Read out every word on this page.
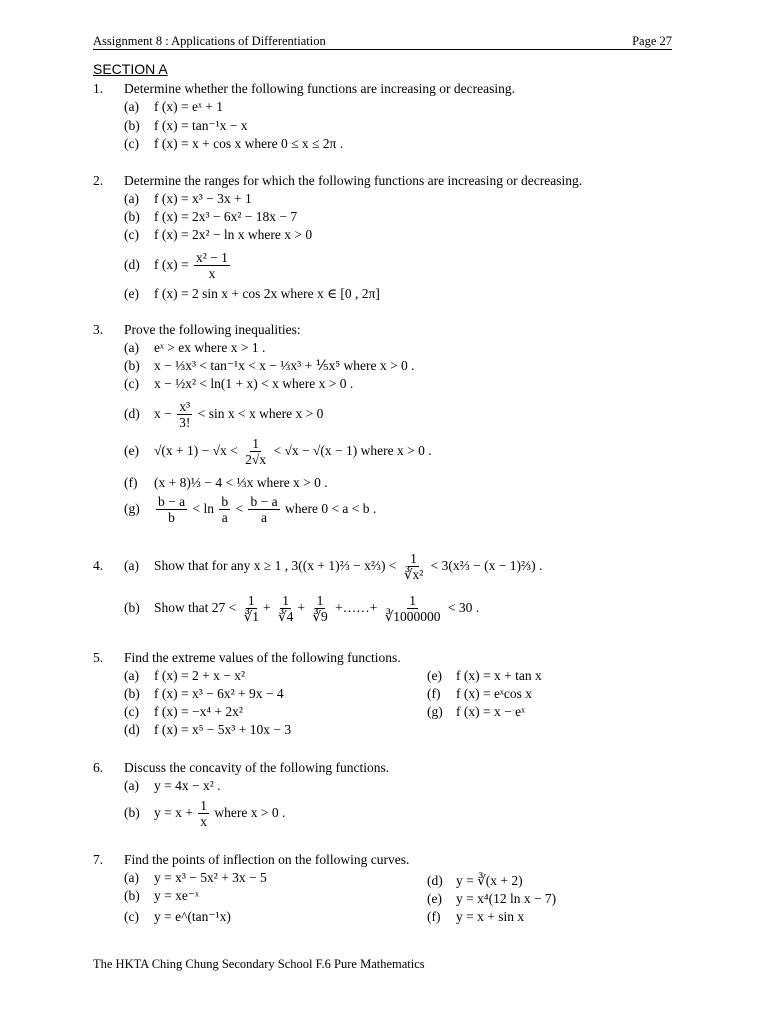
Assignment 8 : Applications of Differentiation	Page 27
SECTION A
1. Determine whether the following functions are increasing or decreasing.
(a) f (x) = eˣ + 1
(b) f (x) = tan⁻¹x − x
(c) f (x) = x + cos x where 0 ≤ x ≤ 2π .
2. Determine the ranges for which the following functions are increasing or decreasing.
(a) f (x) = x³ − 3x + 1
(b) f (x) = 2x³ − 6x² − 18x − 7
(c) f (x) = 2x² − ln x where x > 0
(d) f $(x) = \frac{\text{x² − 1}}{x}$
(e) f (x) = 2 sin x + cos 2x where x ∈ [0 , 2π]
3. Prove the following inequalities:
(a) eˣ > ex where x > 1 .
(b) x − ⅓x³ < tan⁻¹x < x − ⅓x³ + ⅕x⁵ where x > 0 .
(c) x − ½x² < ln(1 + x) < x where x > 0 .
(d) $x - \frac{\text{x³}}{3!} < \sin x < x$ where x > 0
(e) $√(x + 1) - √x < \frac{1}{2√x} < √x - √(x - 1)$ where x > 0 .
(f) (x + 8)⅓ − 4 < ⅓x where x > 0 .
$(g) \frac{b - a}{b} < \ln \frac{b}{a} < \frac{b - a}{a}$ where 0 < a < b .
4. (a) Show that for any x ≥ 1 , 3((x + 1)⅔ − x⅔) < $\frac{1}{\text{∛x²}}$ < 3(x⅔ − (x − 1)⅔) .
(b) Show that $27 < \frac{1}{∛1} + \frac{1}{∛4} + \frac{1}{∛9}$ +……+ $\frac{1}{∛1000000} < 30$ .
5. Find the extreme values of the following functions.
(a) f (x) = 2 + x − x²
(b) f (x) = x³ − 6x² + 9x − 4
(c) f (x) = −x⁴ + 2x²
(d) f (x) = x⁵ − 5x³ + 10x − 3
(e) f (x) = x + tan x
(f) f (x) = eˣcos x
(g) f (x) = x − eˣ
6. Discuss the concavity of the following functions.
(a) y = 4x − x² .
(b) $y = x + \frac{1}{x}$ where x > 0 .
7. Find the points of inflection on the following curves.
(a) y = x³ − 5x² + 3x − 5
(b) y = xe⁻ˣ
(c) y = e^(tan⁻¹x)
(d) y = ∛(x + 2)
(e) y = x⁴(12 ln x − 7)
(f) y = x + sin x
The HKTA Ching Chung Secondary School F.6 Pure Mathematics
